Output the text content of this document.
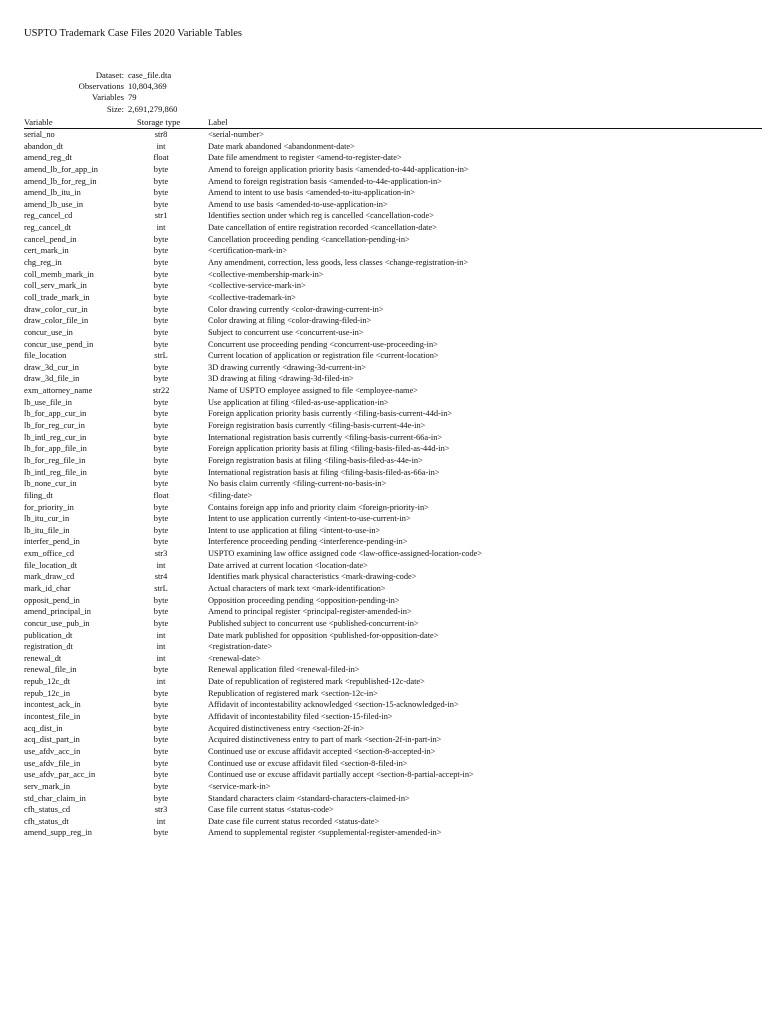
USPTO Trademark Case Files 2020 Variable Tables
Dataset: case_file.dta
Observations 10,804,369
Variables 79
Size: 2,691,279,860
Variable	Storage type	Label
serial_no	str8	<serial-number>
abandon_dt	int	Date mark abandoned <abandonment-date>
amend_reg_dt	float	Date file amendment to register <amend-to-register-date>
amend_lb_for_app_in	byte	Amend to foreign application priority basis <amended-to-44d-application-in>
amend_lb_for_reg_in	byte	Amend to foreign registration basis <amended-to-44e-application-in>
amend_lb_itu_in	byte	Amend to intent to use basis <amended-to-itu-application-in>
amend_lb_use_in	byte	Amend to use basis <amended-to-use-application-in>
reg_cancel_cd	str1	Identifies section under which reg is cancelled <cancellation-code>
reg_cancel_dt	int	Date cancellation of entire registration recorded <cancellation-date>
cancel_pend_in	byte	Cancellation proceeding pending <cancellation-pending-in>
cert_mark_in	byte	<certification-mark-in>
chg_reg_in	byte	Any amendment, correction, less goods, less classes <change-registration-in>
coll_memb_mark_in	byte	<collective-membership-mark-in>
coll_serv_mark_in	byte	<collective-service-mark-in>
coll_trade_mark_in	byte	<collective-trademark-in>
draw_color_cur_in	byte	Color drawing currently <color-drawing-current-in>
draw_color_file_in	byte	Color drawing at filing <color-drawing-filed-in>
concur_use_in	byte	Subject to concurrent use <concurrent-use-in>
concur_use_pend_in	byte	Concurrent use proceeding pending <concurrent-use-proceeding-in>
file_location	strL	Current location of application or registration file <current-location>
draw_3d_cur_in	byte	3D drawing currently <drawing-3d-current-in>
draw_3d_file_in	byte	3D drawing at filing <drawing-3d-filed-in>
exm_attorney_name	str22	Name of USPTO employee assigned to file <employee-name>
lb_use_file_in	byte	Use application at filing <filed-as-use-application-in>
lb_for_app_cur_in	byte	Foreign application priority basis currently <filing-basis-current-44d-in>
lb_for_reg_cur_in	byte	Foreign registration basis currently <filing-basis-current-44e-in>
lb_intl_reg_cur_in	byte	International registration basis currently <filing-basis-current-66a-in>
lb_for_app_file_in	byte	Foreign application priority basis at filing <filing-basis-filed-as-44d-in>
lb_for_reg_file_in	byte	Foreign registration basis at filing <filing-basis-filed-as-44e-in>
lb_intl_reg_file_in	byte	International registration basis at filing <filing-basis-filed-as-66a-in>
lb_none_cur_in	byte	No basis claim currently <filing-current-no-basis-in>
filing_dt	float	<filing-date>
for_priority_in	byte	Contains foreign app info and priority claim <foreign-priority-in>
lb_itu_cur_in	byte	Intent to use application currently <intent-to-use-current-in>
lb_itu_file_in	byte	Intent to use application at filing <intent-to-use-in>
interfer_pend_in	byte	Interference proceeding pending <interference-pending-in>
exm_office_cd	str3	USPTO examining law office assigned code <law-office-assigned-location-code>
file_location_dt	int	Date arrived at current location <location-date>
mark_draw_cd	str4	Identifies mark physical characteristics <mark-drawing-code>
mark_id_char	strL	Actual characters of mark text <mark-identification>
opposit_pend_in	byte	Opposition proceeding pending <opposition-pending-in>
amend_principal_in	byte	Amend to principal register <principal-register-amended-in>
concur_use_pub_in	byte	Published subject to concurrent use <published-concurrent-in>
publication_dt	int	Date mark published for opposition <published-for-opposition-date>
registration_dt	int	<registration-date>
renewal_dt	int	<renewal-date>
renewal_file_in	byte	Renewal application filed <renewal-filed-in>
repub_12c_dt	int	Date of republication of registered mark <republished-12c-date>
repub_12c_in	byte	Republication of registered mark <section-12c-in>
incontest_ack_in	byte	Affidavit of incontestability acknowledged <section-15-acknowledged-in>
incontest_file_in	byte	Affidavit of incontestability filed <section-15-filed-in>
acq_dist_in	byte	Acquired distinctiveness entry <section-2f-in>
acq_dist_part_in	byte	Acquired distinctiveness entry to part of mark <section-2f-in-part-in>
use_afdv_acc_in	byte	Continued use or excuse affidavit accepted <section-8-accepted-in>
use_afdv_file_in	byte	Continued use or excuse affidavit filed <section-8-filed-in>
use_afdv_par_acc_in	byte	Continued use or excuse affidavit partially accept <section-8-partial-accept-in>
serv_mark_in	byte	<service-mark-in>
std_char_claim_in	byte	Standard characters claim <standard-characters-claimed-in>
cfh_status_cd	str3	Case file current status <status-code>
cfh_status_dt	int	Date case file current status recorded <status-date>
amend_supp_reg_in	byte	Amend to supplemental register <supplemental-register-amended-in>
